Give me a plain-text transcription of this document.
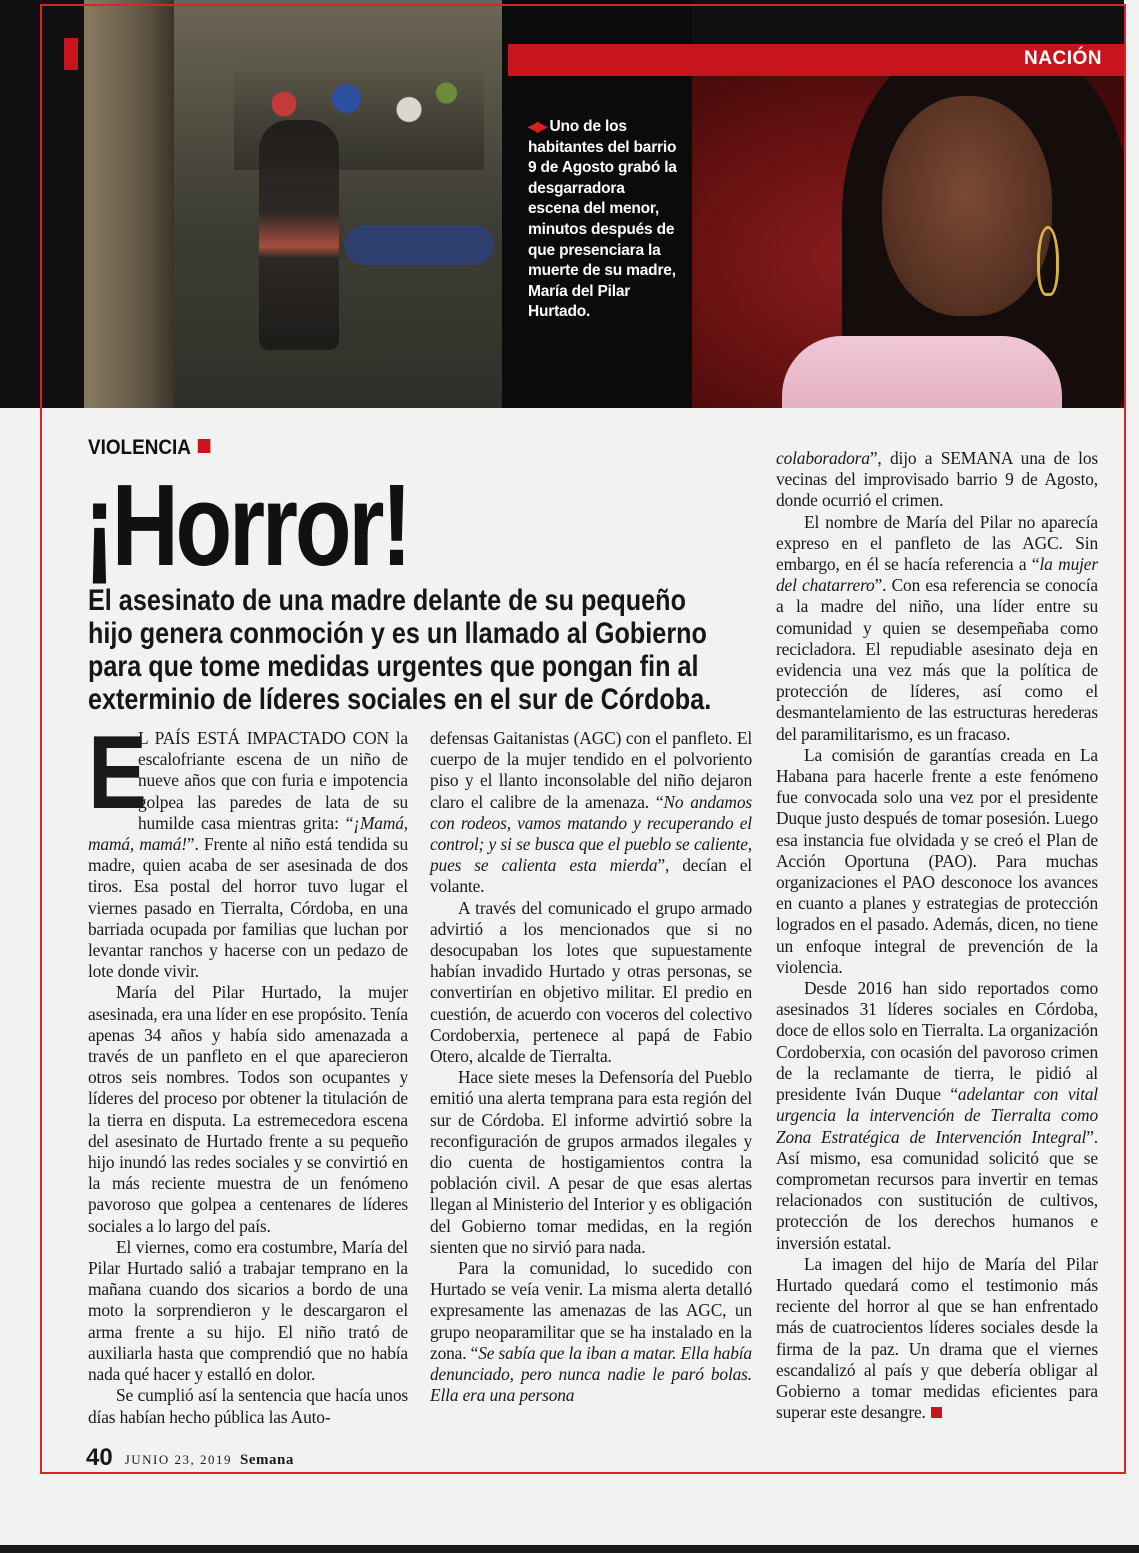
NACIÓN
◀▶ Uno de los habitantes del barrio 9 de Agosto grabó la desgarradora escena del menor, minutos después de que presenciara la muerte de su madre, María del Pilar Hurtado.
VIOLENCIA
¡Horror!
El asesinato de una madre delante de su pequeño hijo genera conmoción y es un llamado al Gobierno para que tome medidas urgentes que pongan fin al exterminio de líderes sociales en el sur de Córdoba.

E
L PAÍS ESTÁ IMPACTADO CON la escalofriante escena de un niño de nueve años que con furia e impotencia golpea las paredes de lata de su humilde casa mientras grita: “¡Mamá, mamá, mamá!”. Frente al niño está tendida su madre, quien acaba de ser asesinada de dos tiros. Esa postal del horror tuvo lugar el viernes pasado en Tierralta, Córdoba, en una barriada ocupada por familias que luchan por levantar ranchos y hacerse con un pedazo de lote donde vivir.

María del Pilar Hurtado, la mujer asesinada, era una líder en ese propósito. Tenía apenas 34 años y había sido amenazada a través de un panfleto en el que aparecieron otros seis nombres. Todos son ocupantes y líderes del proceso por obtener la titulación de la tierra en disputa. La estremecedora escena del asesinato de Hurtado frente a su pequeño hijo inundó las redes sociales y se convirtió en la más reciente muestra de un fenómeno pavoroso que golpea a centenares de líderes sociales a lo largo del país.

El viernes, como era costumbre, María del Pilar Hurtado salió a trabajar temprano en la mañana cuando dos sicarios a bordo de una moto la sorprendieron y le descargaron el arma frente a su hijo. El niño trató de auxiliarla hasta que comprendió que no había nada qué hacer y estalló en dolor.

Se cumplió así la sentencia que hacía unos días habían hecho pública las Auto-

defensas Gaitanistas (AGC) con el panfleto. El cuerpo de la mujer tendido en el polvoriento piso y el llanto inconsolable del niño dejaron claro el calibre de la amenaza. “No andamos con rodeos, vamos matando y recuperando el control; y si se busca que el pueblo se caliente, pues se calienta esta mierda”, decían el volante.

A través del comunicado el grupo armado advirtió a los mencionados que si no desocupaban los lotes que supuestamente habían invadido Hurtado y otras personas, se convertirían en objetivo militar. El predio en cuestión, de acuerdo con voceros del colectivo Cordoberxia, pertenece al papá de Fabio Otero, alcalde de Tierralta.

Hace siete meses la Defensoría del Pueblo emitió una alerta temprana para esta región del sur de Córdoba. El informe advirtió sobre la reconfiguración de grupos armados ilegales y dio cuenta de hostigamientos contra la población civil. A pesar de que esas alertas llegan al Ministerio del Interior y es obligación del Gobierno tomar medidas, en la región sienten que no sirvió para nada.

Para la comunidad, lo sucedido con Hurtado se veía venir. La misma alerta detalló expresamente las amenazas de las AGC, un grupo neoparamilitar que se ha instalado en la zona. “Se sabía que la iban a matar. Ella había denunciado, pero nunca nadie le paró bolas. Ella era una persona

colaboradora”, dijo a SEMANA una de los vecinas del improvisado barrio 9 de Agosto, donde ocurrió el crimen.

El nombre de María del Pilar no aparecía expreso en el panfleto de las AGC. Sin embargo, en él se hacía referencia a “la mujer del chatarrero”. Con esa referencia se conocía a la madre del niño, una líder entre su comunidad y quien se desempeñaba como recicladora. El repudiable asesinato deja en evidencia una vez más que la política de protección de líderes, así como el desmantelamiento de las estructuras herederas del paramilitarismo, es un fracaso.

La comisión de garantías creada en La Habana para hacerle frente a este fenómeno fue convocada solo una vez por el presidente Duque justo después de tomar posesión. Luego esa instancia fue olvidada y se creó el Plan de Acción Oportuna (PAO). Para muchas organizaciones el PAO desconoce los avances en cuanto a planes y estrategias de protección logrados en el pasado. Además, dicen, no tiene un enfoque integral de prevención de la violencia.

Desde 2016 han sido reportados como asesinados 31 líderes sociales en Córdoba, doce de ellos solo en Tierralta. La organización Cordoberxia, con ocasión del pavoroso crimen de la reclamante de tierra, le pidió al presidente Iván Duque “adelantar con vital urgencia la intervención de Tierralta como Zona Estratégica de Intervención Integral”. Así mismo, esa comunidad solicitó que se comprometan recursos para invertir en temas relacionados con sustitución de cultivos, protección de los derechos humanos e inversión estatal.

La imagen del hijo de María del Pilar Hurtado quedará como el testimonio más reciente del horror al que se han enfrentado más de cuatrocientos líderes sociales desde la firma de la paz. Un drama que el viernes escandalizó al país y que debería obligar al Gobierno a tomar medidas eficientes para superar este desangre.

40 JUNIO 23, 2019 Semana
